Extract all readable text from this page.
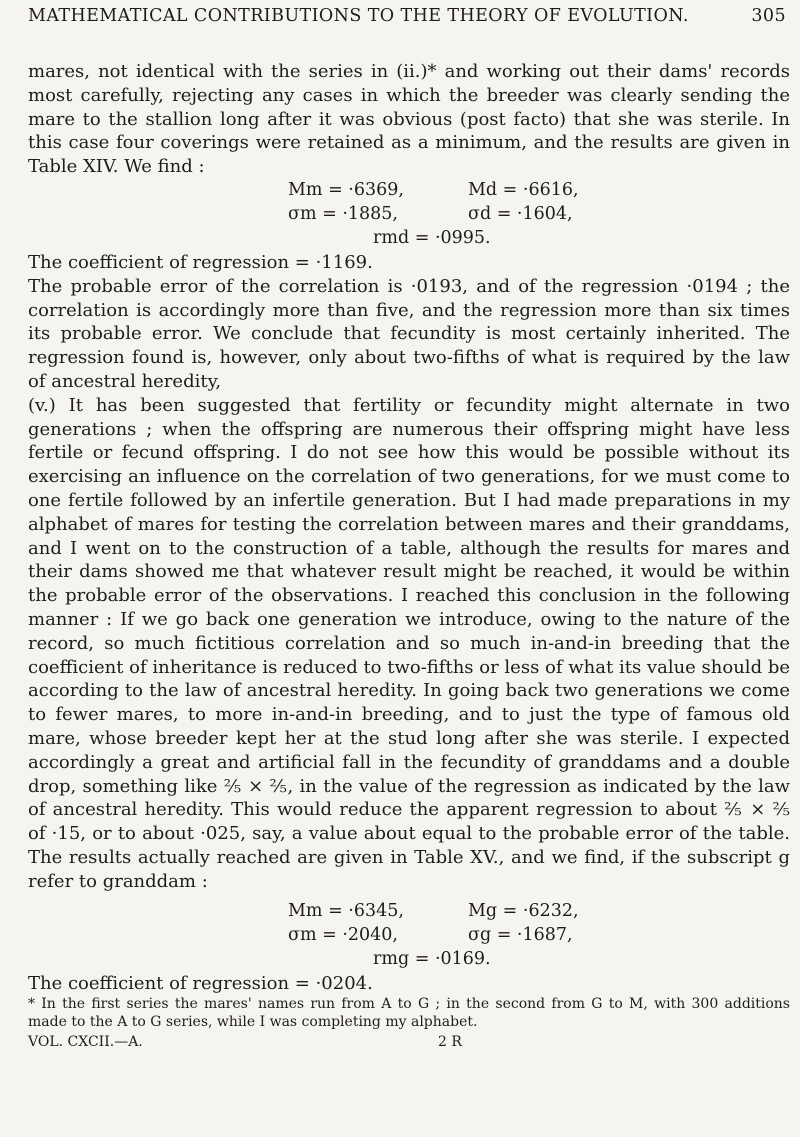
MATHEMATICAL CONTRIBUTIONS TO THE THEORY OF EVOLUTION.	305

mares, not identical with the series in (ii.)* and working out their dams' records most carefully, rejecting any cases in which the breeder was clearly sending the mare to the stallion long after it was obvious (post facto) that she was sterile. In this case four coverings were retained as a minimum, and the results are given in Table XIV. We find :

Mm = ·6369,	Md = ·6616,
σm = ·1885,	σd = ·1604,
rmd = ·0995.

The coefficient of regression = ·1169.

The probable error of the correlation is ·0193, and of the regression ·0194 ; the correlation is accordingly more than five, and the regression more than six times its probable error. We conclude that fecundity is most certainly inherited. The regression found is, however, only about two-fifths of what is required by the law of ancestral heredity,

(v.) It has been suggested that fertility or fecundity might alternate in two generations ; when the offspring are numerous their offspring might have less fertile or fecund offspring. I do not see how this would be possible without its exercising an influence on the correlation of two generations, for we must come to one fertile followed by an infertile generation. But I had made preparations in my alphabet of mares for testing the correlation between mares and their granddams, and I went on to the construction of a table, although the results for mares and their dams showed me that whatever result might be reached, it would be within the probable error of the observations. I reached this conclusion in the following manner : If we go back one generation we introduce, owing to the nature of the record, so much fictitious correlation and so much in-and-in breeding that the coefficient of inheritance is reduced to two-fifths or less of what its value should be according to the law of ancestral heredity. In going back two generations we come to fewer mares, to more in-and-in breeding, and to just the type of famous old mare, whose breeder kept her at the stud long after she was sterile. I expected accordingly a great and artificial fall in the fecundity of granddams and a double drop, something like ⅖ × ⅖, in the value of the regression as indicated by the law of ancestral heredity. This would reduce the apparent regression to about ⅖ × ⅖ of ·15, or to about ·025, say, a value about equal to the probable error of the table. The results actually reached are given in Table XV., and we find, if the subscript g refer to granddam :

Mm = ·6345,	Mg = ·6232,
σm = ·2040,	σg = ·1687,
rmg = ·0169.

The coefficient of regression = ·0204.

* In the first series the mares' names run from A to G ; in the second from G to M, with 300 additions made to the A to G series, while I was completing my alphabet.

VOL. CXCII.—A.	2 R
